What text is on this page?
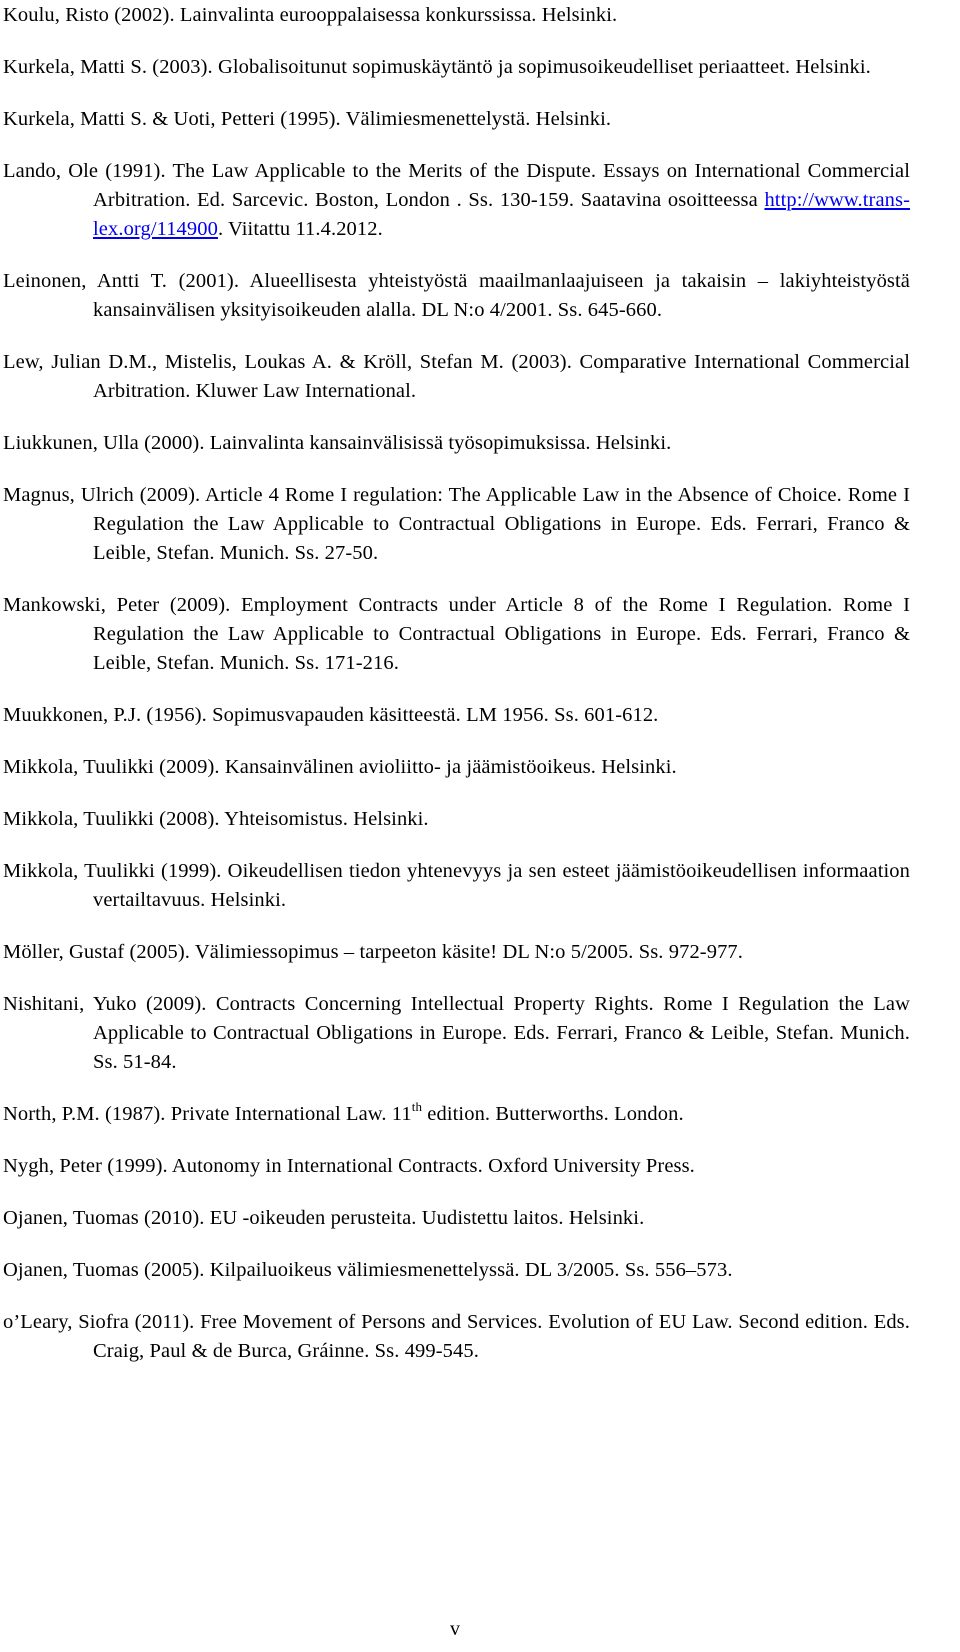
Koulu, Risto (2002). Lainvalinta eurooppalaisessa konkurssissa. Helsinki.

Kurkela, Matti S. (2003). Globalisoitunut sopimuskäytäntö ja sopimusoikeudelliset periaatteet. Helsinki.

Kurkela, Matti S. & Uoti, Petteri (1995). Välimiesmenettelystä. Helsinki.

Lando, Ole (1991). The Law Applicable to the Merits of the Dispute. Essays on International Commercial Arbitration. Ed. Sarcevic. Boston, London . Ss. 130-159. Saatavina osoitteessa http://www.trans-lex.org/114900. Viitattu 11.4.2012.

Leinonen, Antti T. (2001). Alueellisesta yhteistyöstä maailmanlaajuiseen ja takaisin – lakiyhteistyöstä kansainvälisen yksityisoikeuden alalla. DL N:o 4/2001. Ss. 645-660.

Lew, Julian D.M., Mistelis, Loukas A. & Kröll, Stefan M. (2003). Comparative International Commercial Arbitration. Kluwer Law International.

Liukkunen, Ulla (2000). Lainvalinta kansainvälisissä työsopimuksissa. Helsinki.

Magnus, Ulrich (2009). Article 4 Rome I regulation: The Applicable Law in the Absence of Choice. Rome I Regulation the Law Applicable to Contractual Obligations in Europe. Eds. Ferrari, Franco & Leible, Stefan. Munich. Ss. 27-50.

Mankowski, Peter (2009). Employment Contracts under Article 8 of the Rome I Regulation. Rome I Regulation the Law Applicable to Contractual Obligations in Europe. Eds. Ferrari, Franco & Leible, Stefan. Munich. Ss. 171-216.

Muukkonen, P.J. (1956). Sopimusvapauden käsitteestä. LM 1956. Ss. 601-612.

Mikkola, Tuulikki (2009). Kansainvälinen avioliitto- ja jäämistöoikeus. Helsinki.

Mikkola, Tuulikki (2008). Yhteisomistus. Helsinki.

Mikkola, Tuulikki (1999). Oikeudellisen tiedon yhtenevyys ja sen esteet jäämistöoikeudellisen informaation vertailtavuus. Helsinki.

Möller, Gustaf (2005). Välimiessopimus – tarpeeton käsite! DL N:o 5/2005. Ss. 972-977.

Nishitani, Yuko (2009). Contracts Concerning Intellectual Property Rights. Rome I Regulation the Law Applicable to Contractual Obligations in Europe. Eds. Ferrari, Franco & Leible, Stefan. Munich. Ss. 51-84.

North, P.M. (1987). Private International Law. 11th edition. Butterworths. London.

Nygh, Peter (1999). Autonomy in International Contracts. Oxford University Press.

Ojanen, Tuomas (2010). EU -oikeuden perusteita. Uudistettu laitos. Helsinki.

Ojanen, Tuomas (2005). Kilpailuoikeus välimiesmenettelyssä. DL 3/2005. Ss. 556–573.

o’Leary, Siofra (2011). Free Movement of Persons and Services. Evolution of EU Law. Second edition. Eds. Craig, Paul & de Burca, Gráinne. Ss. 499-545.

v
